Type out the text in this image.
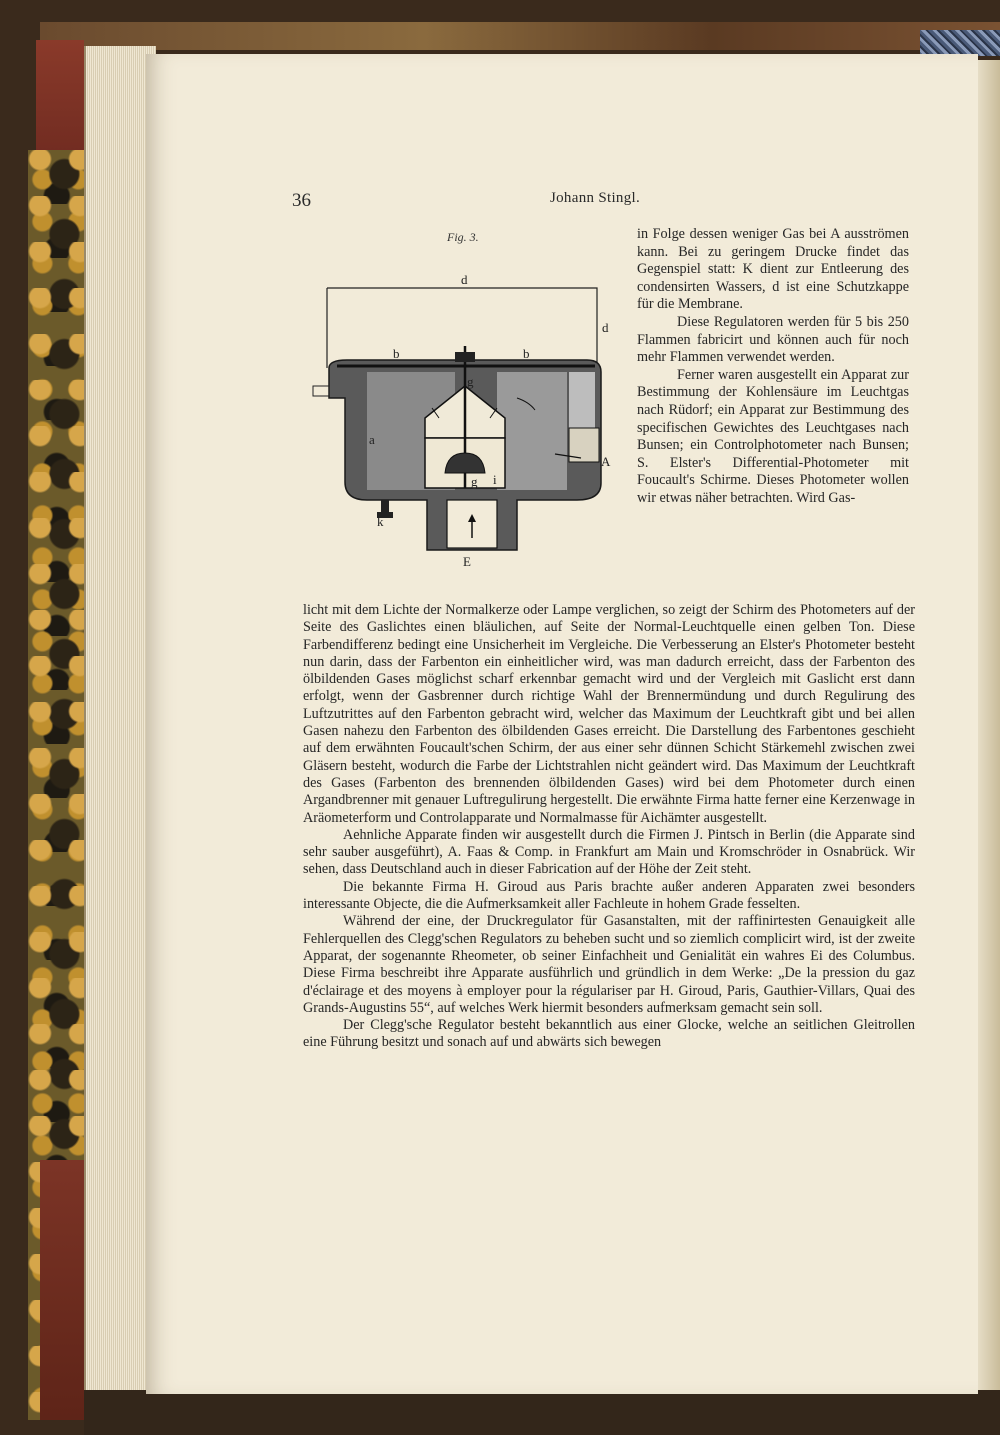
36	Johann Stingl.
Fig. 3.
d
d
b	b
g
a
A
g i
k
E

in Folge dessen weniger Gas bei A ausströmen kann. Bei zu geringem Drucke findet das Gegenspiel statt: K dient zur Entleerung des condensirten Wassers, d ist eine Schutzkappe für die Membrane.

Diese Regulatoren werden für 5 bis 250 Flammen fabricirt und können auch für noch mehr Flammen verwendet werden.

Ferner waren ausgestellt ein Apparat zur Bestimmung der Kohlensäure im Leuchtgas nach Rüdorf; ein Apparat zur Bestimmung des specifischen Gewichtes des Leuchtgases nach Bunsen; ein Controlphotometer nach Bunsen; S. Elster's Differential-Photometer mit Foucault's Schirme. Dieses Photometer wollen wir etwas näher betrachten. Wird Gas-

licht mit dem Lichte der Normalkerze oder Lampe verglichen, so zeigt der Schirm des Photometers auf der Seite des Gaslichtes einen bläulichen, auf Seite der Normal-Leuchtquelle einen gelben Ton. Diese Farbendifferenz bedingt eine Unsicherheit im Vergleiche. Die Verbesserung an Elster's Photometer besteht nun darin, dass der Farbenton ein einheitlicher wird, was man dadurch erreicht, dass der Farbenton des ölbildenden Gases möglichst scharf erkennbar gemacht wird und der Vergleich mit Gaslicht erst dann erfolgt, wenn der Gasbrenner durch richtige Wahl der Brennermündung und durch Regulirung des Luftzutrittes auf den Farbenton gebracht wird, welcher das Maximum der Leuchtkraft gibt und bei allen Gasen nahezu den Farbenton des ölbildenden Gases erreicht. Die Darstellung des Farbentones geschieht auf dem erwähnten Foucault'schen Schirm, der aus einer sehr dünnen Schicht Stärkemehl zwischen zwei Gläsern besteht, wodurch die Farbe der Lichtstrahlen nicht geändert wird. Das Maximum der Leuchtkraft des Gases (Farbenton des brennenden ölbildenden Gases) wird bei dem Photometer durch einen Argandbrenner mit genauer Luftregulirung hergestellt. Die erwähnte Firma hatte ferner eine Kerzenwage in Aräometerform und Controlapparate und Normalmasse für Aichämter ausgestellt.

Aehnliche Apparate finden wir ausgestellt durch die Firmen J. Pintsch in Berlin (die Apparate sind sehr sauber ausgeführt), A. Faas & Comp. in Frankfurt am Main und Kromschröder in Osnabrück. Wir sehen, dass Deutschland auch in dieser Fabrication auf der Höhe der Zeit steht.

Die bekannte Firma H. Giroud aus Paris brachte außer anderen Apparaten zwei besonders interessante Objecte, die die Aufmerksamkeit aller Fachleute in hohem Grade fesselten.

Während der eine, der Druckregulator für Gasanstalten, mit der raffinirtesten Genauigkeit alle Fehlerquellen des Clegg'schen Regulators zu beheben sucht und so ziemlich complicirt wird, ist der zweite Apparat, der sogenannte Rheometer, ob seiner Einfachheit und Genialität ein wahres Ei des Columbus. Diese Firma beschreibt ihre Apparate ausführlich und gründlich in dem Werke: „De la pression du gaz d'éclairage et des moyens à employer pour la régulariser par H. Giroud, Paris, Gauthier-Villars, Quai des Grands-Augustins 55“, auf welches Werk hiermit besonders aufmerksam gemacht sein soll.

Der Clegg'sche Regulator besteht bekanntlich aus einer Glocke, welche an seitlichen Gleitrollen eine Führung besitzt und sonach auf und abwärts sich bewegen
